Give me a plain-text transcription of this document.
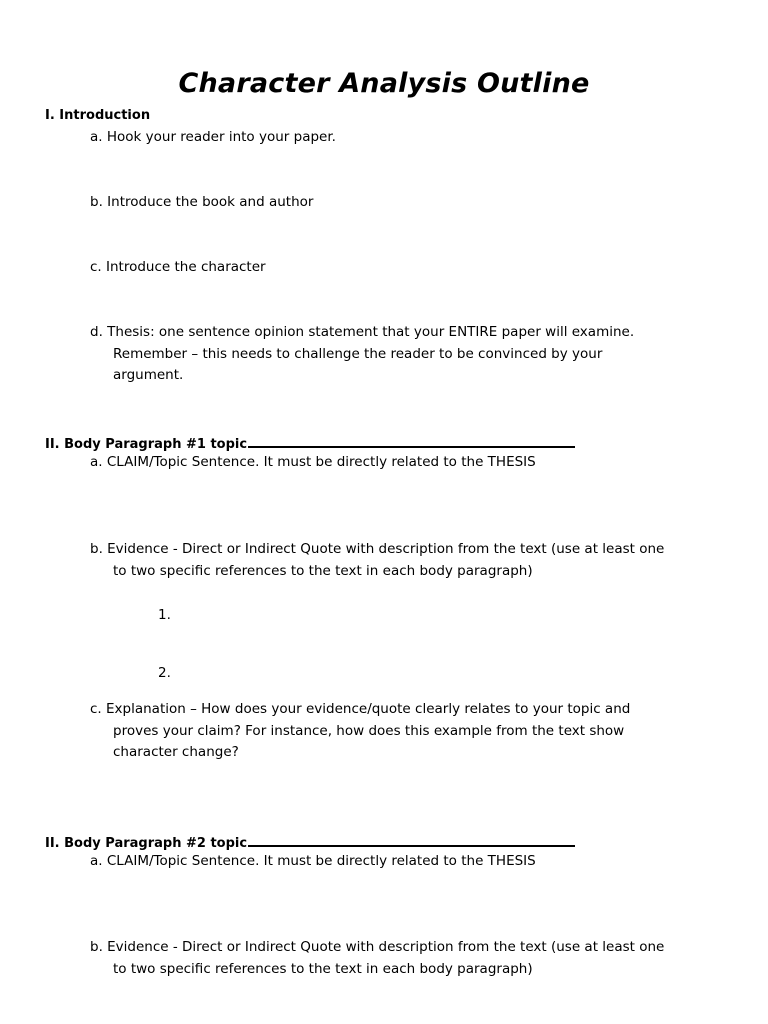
Character Analysis Outline
I. Introduction
a. Hook your reader into your paper.
b. Introduce the book and author
c. Introduce the character
d. Thesis: one sentence opinion statement that your ENTIRE paper will examine.
Remember – this needs to challenge the reader to be convinced by your
argument.
II. Body Paragraph #1 topic
a. CLAIM/Topic Sentence. It must be directly related to the THESIS
b. Evidence - Direct or Indirect Quote with description from the text (use at least one
to two specific references to the text in each body paragraph)
1.
2.
c. Explanation – How does your evidence/quote clearly relates to your topic and
proves your claim? For instance, how does this example from the text show
character change?
II. Body Paragraph #2 topic
a. CLAIM/Topic Sentence. It must be directly related to the THESIS
b. Evidence - Direct or Indirect Quote with description from the text (use at least one
to two specific references to the text in each body paragraph)
